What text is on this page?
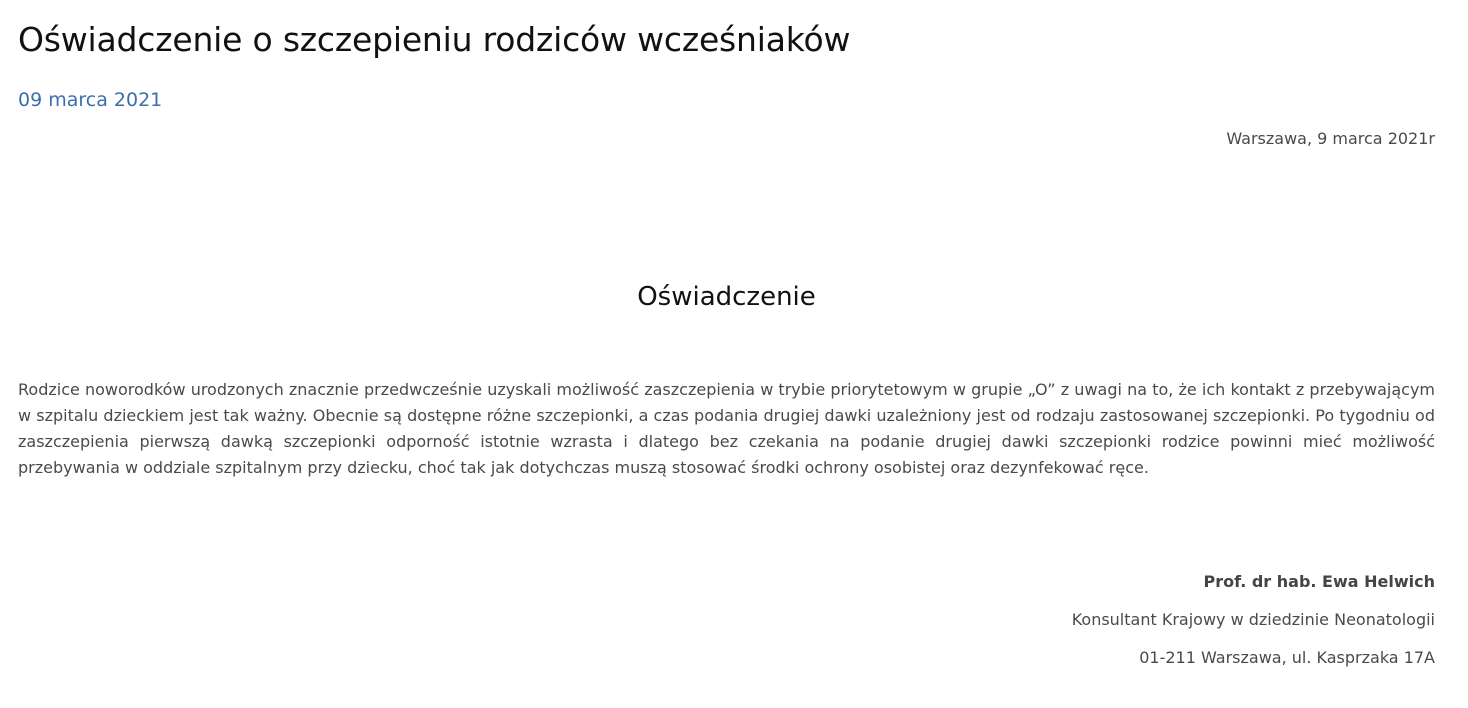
Oświadczenie o szczepieniu rodziców wcześniaków
09 marca 2021
Warszawa, 9 marca 2021r
Oświadczenie

Rodzice noworodków urodzonych znacznie przedwcześnie uzyskali możliwość zaszczepienia w trybie priorytetowym w grupie „O” z uwagi na to, że ich kontakt z przebywającym w szpitalu dzieckiem jest tak ważny. Obecnie są dostępne różne szczepionki, a czas podania drugiej dawki uzależniony jest od rodzaju zastosowanej szczepionki. Po tygodniu od zaszczepienia pierwszą dawką szczepionki odporność istotnie wzrasta i dlatego bez czekania na podanie drugiej dawki szczepionki rodzice powinni mieć możliwość przebywania w oddziale szpitalnym przy dziecku, choć tak jak dotychczas muszą stosować środki ochrony osobistej oraz dezynfekować ręce.

Prof. dr hab. Ewa Helwich
Konsultant Krajowy w dziedzinie Neonatologii
01-211 Warszawa, ul. Kasprzaka 17A
